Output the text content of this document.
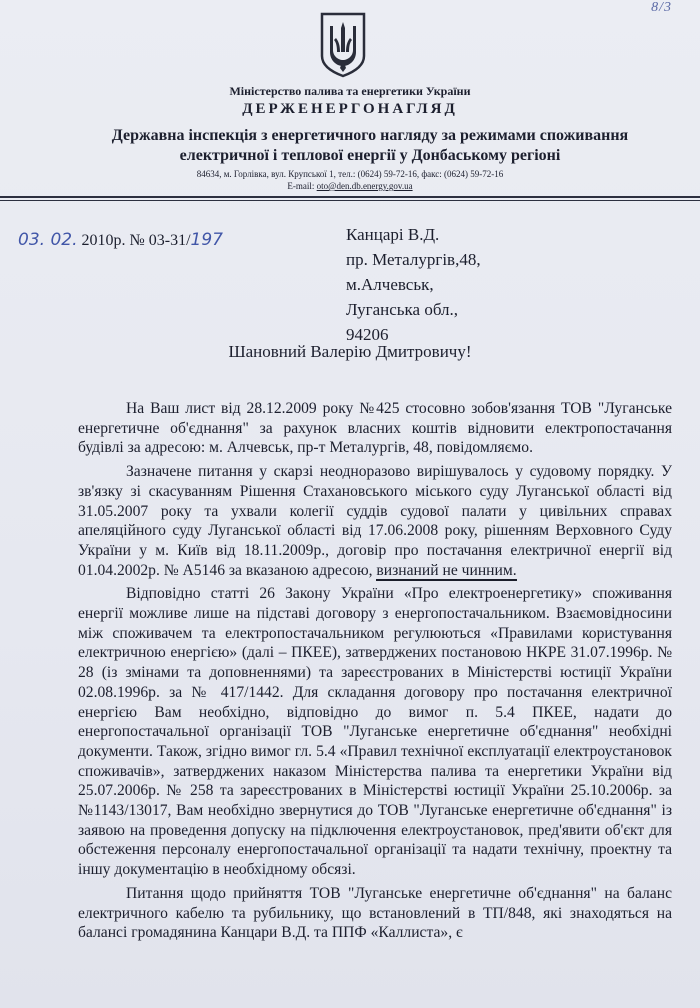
8/3
Міністерство палива та енергетики України
ДЕРЖЕНЕРГОНАГЛЯД
Державна інспекція з енергетичного нагляду за режимами споживання електричної і теплової енергії у Донбаському регіоні
84634, м. Горлівка, вул. Крупської 1, тел.: (0624) 59-72-16, факс: (0624) 59-72-16
E-mail: oto@den.db.energy.gov.ua
03. 02. 2010р. № 03-31/197	Канцарі В.Д.
пр. Металургів,48,
м.Алчевськ,
Луганська обл.,
94206
Шановний Валерію Дмитровичу!

На Ваш лист від 28.12.2009 року №425 стосовно зобов'язання ТОВ "Луганське енергетичне об'єднання" за рахунок власних коштів відновити електропостачання будівлі за адресою: м. Алчевськ, пр-т Металургів, 48, повідомляємо.

Зазначене питання у скарзі неодноразово вирішувалось у судовому порядку. У зв'язку зі скасуванням Рішення Стахановського міського суду Луганської області від 31.05.2007 року та ухвали колегії суддів судової палати у цивільних справах апеляційного суду Луганської області від 17.06.2008 року, рішенням Верховного Суду України у м. Київ від 18.11.2009р., договір про постачання електричної енергії від 01.04.2002р. № А5146 за вказаною адресою, визнаний не чинним.

Відповідно статті 26 Закону України «Про електроенергетику» споживання енергії можливе лише на підставі договору з енергопостачальником. Взаємовідносини між споживачем та електропостачальником регулюються «Правилами користування електричною енергією» (далі – ПКЕЕ), затверджених постановою НКРЕ 31.07.1996р. № 28 (із змінами та доповненнями) та зареєстрованих в Міністерстві юстиції України 02.08.1996р. за № 417/1442. Для складання договору про постачання електричної енергією Вам необхідно, відповідно до вимог п. 5.4 ПКЕЕ, надати до енергопостачальної організації ТОВ "Луганське енергетичне об'єднання" необхідні документи. Також, згідно вимог гл. 5.4 «Правил технічної експлуатації електроустановок споживачів», затверджених наказом Міністерства палива та енергетики України від 25.07.2006р. № 258 та зареєстрованих в Міністерстві юстиції України 25.10.2006р. за №1143/13017, Вам необхідно звернутися до ТОВ "Луганське енергетичне об'єднання" із заявою на проведення допуску на підключення електроустановок, пред'явити об'єкт для обстеження персоналу енергопостачальної організації та надати технічну, проектну та іншу документацію в необхідному обсязі.

Питання щодо прийняття ТОВ "Луганське енергетичне об'єднання" на баланс електричного кабелю та рубильнику, що встановлений в ТП/848, які знаходяться на балансі громадянина Канцари В.Д. та ППФ «Каллиста», є
